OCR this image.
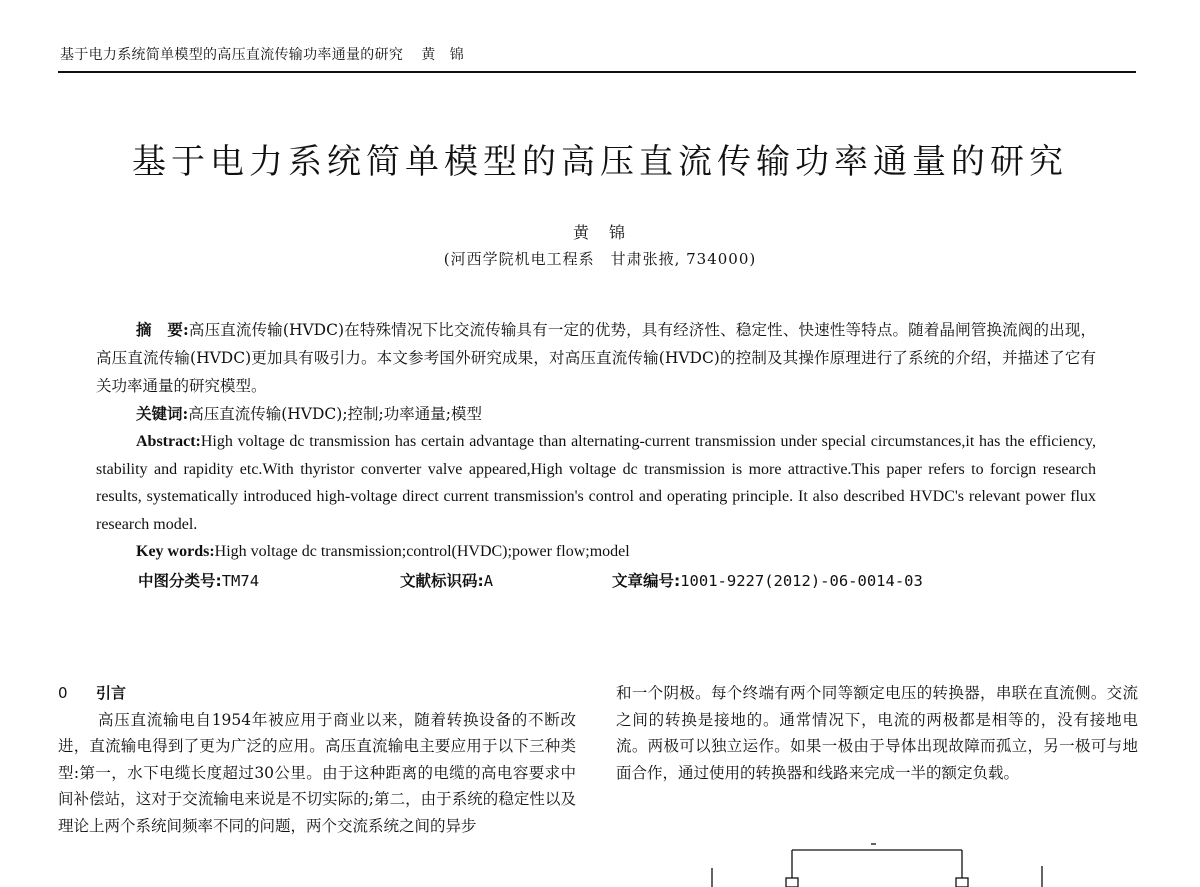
基于电力系统简单模型的高压直流传输功率通量的研究 黄　锦
基于电力系统简单模型的高压直流传输功率通量的研究
黄　锦
(河西学院机电工程系　甘肃张掖, 734000)

摘　要:高压直流传输(HVDC)在特殊情况下比交流传输具有一定的优势，具有经济性、稳定性、快速性等特点。随着晶闸管换流阀的出现，高压直流传输(HVDC)更加具有吸引力。本文参考国外研究成果，对高压直流传输(HVDC)的控制及其操作原理进行了系统的介绍，并描述了它有关功率通量的研究模型。

关键词:高压直流传输(HVDC);控制;功率通量;模型

Abstract:High voltage dc transmission has certain advantage than alternating-current transmission under special circumstances,it has the efficiency, stability and rapidity etc.With thyristor converter valve appeared,High voltage dc transmission is more attractive.This paper refers to forcign research results, systematically introduced high-voltage direct current transmission's control and operating principle. It also described HVDC's relevant power flux research model.

Key words:High voltage dc transmission;control(HVDC);power flow;model

中图分类号:TM74	文献标识码:A	文章编号:1001-9227(2012)-06-0014-03
0 引言

高压直流输电自1954年被应用于商业以来，随着转换设备的不断改进，直流输电得到了更为广泛的应用。高压直流输电主要应用于以下三种类型:第一，水下电缆长度超过30公里。由于这种距离的电缆的高电容要求中间补偿站，这对于交流输电来说是不切实际的;第二，由于系统的稳定性以及理论上两个系统间频率不同的问题，两个交流系统之间的异步

和一个阴极。每个终端有两个同等额定电压的转换器，串联在直流侧。交流之间的转换是接地的。通常情况下，电流的两极都是相等的，没有接地电流。两极可以独立运作。如果一极由于导体出现故障而孤立，另一极可与地面合作，通过使用的转换器和线路来完成一半的额定负载。
